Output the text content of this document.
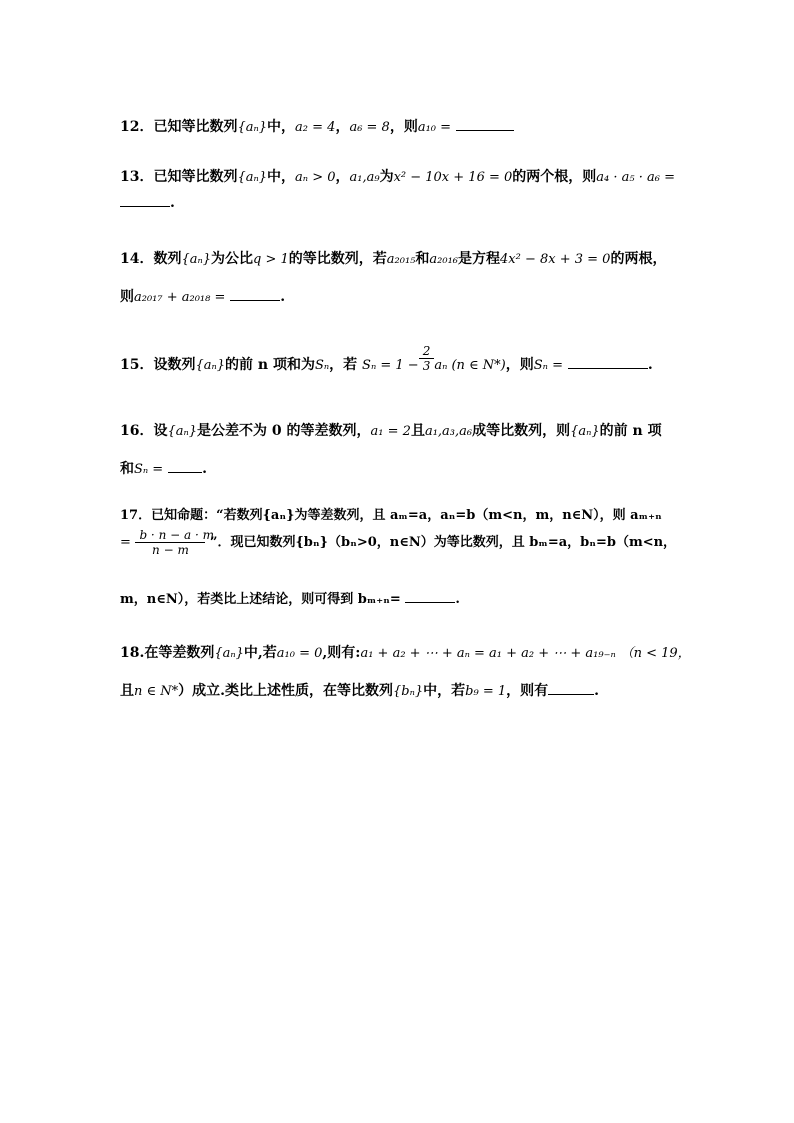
12．已知等比数列{aₙ}中，a₂ = 4，a₆ = 8，则a₁₀ =
13．已知等比数列{aₙ}中，aₙ > 0，a₁,a₉为x² − 10x + 16 = 0的两个根，则a₄ · a₅ · a₆ =
.
14．数列{aₙ}为公比q > 1的等比数列，若a₂₀₁₅和a₂₀₁₆是方程4x² − 8x + 3 = 0的两根，
则a₂₀₁₇ + a₂₀₁₈ =	.
15．设数列{aₙ}的前 n 项和为Sₙ，若 $S_n = 1 - \frac{2}{3}$ aₙ (n ∈ N*)，则Sₙ =	.
16．设{aₙ}是公差不为 0 的等差数列，a₁ = 2且a₁,a₃,a₆成等比数列，则{aₙ}的前 n 项
和Sₙ =	.
17．已知命题：“若数列{aₙ}为等差数列，且 aₘ=a，aₙ=b（m<n，m，n∈N），则 aₘ₊ₙ
= $\frac{b \cdot n - a \cdot m}{n - m}$ ”．现已知数列{bₙ}（bₙ>0，n∈N）为等比数列，且 bₘ=a，bₙ=b（m<n，
m，n∈N），若类比上述结论，则可得到 bₘ₊ₙ=	.
18.在等差数列{aₙ}中,若a₁₀ = 0,则有:a₁ + a₂ + ⋯ + aₙ = a₁ + a₂ + ⋯ + a₁₉₋ₙ （n < 19，
且n ∈ N*）成立.类比上述性质，在等比数列{bₙ}中，若b₉ = 1，则有	.
